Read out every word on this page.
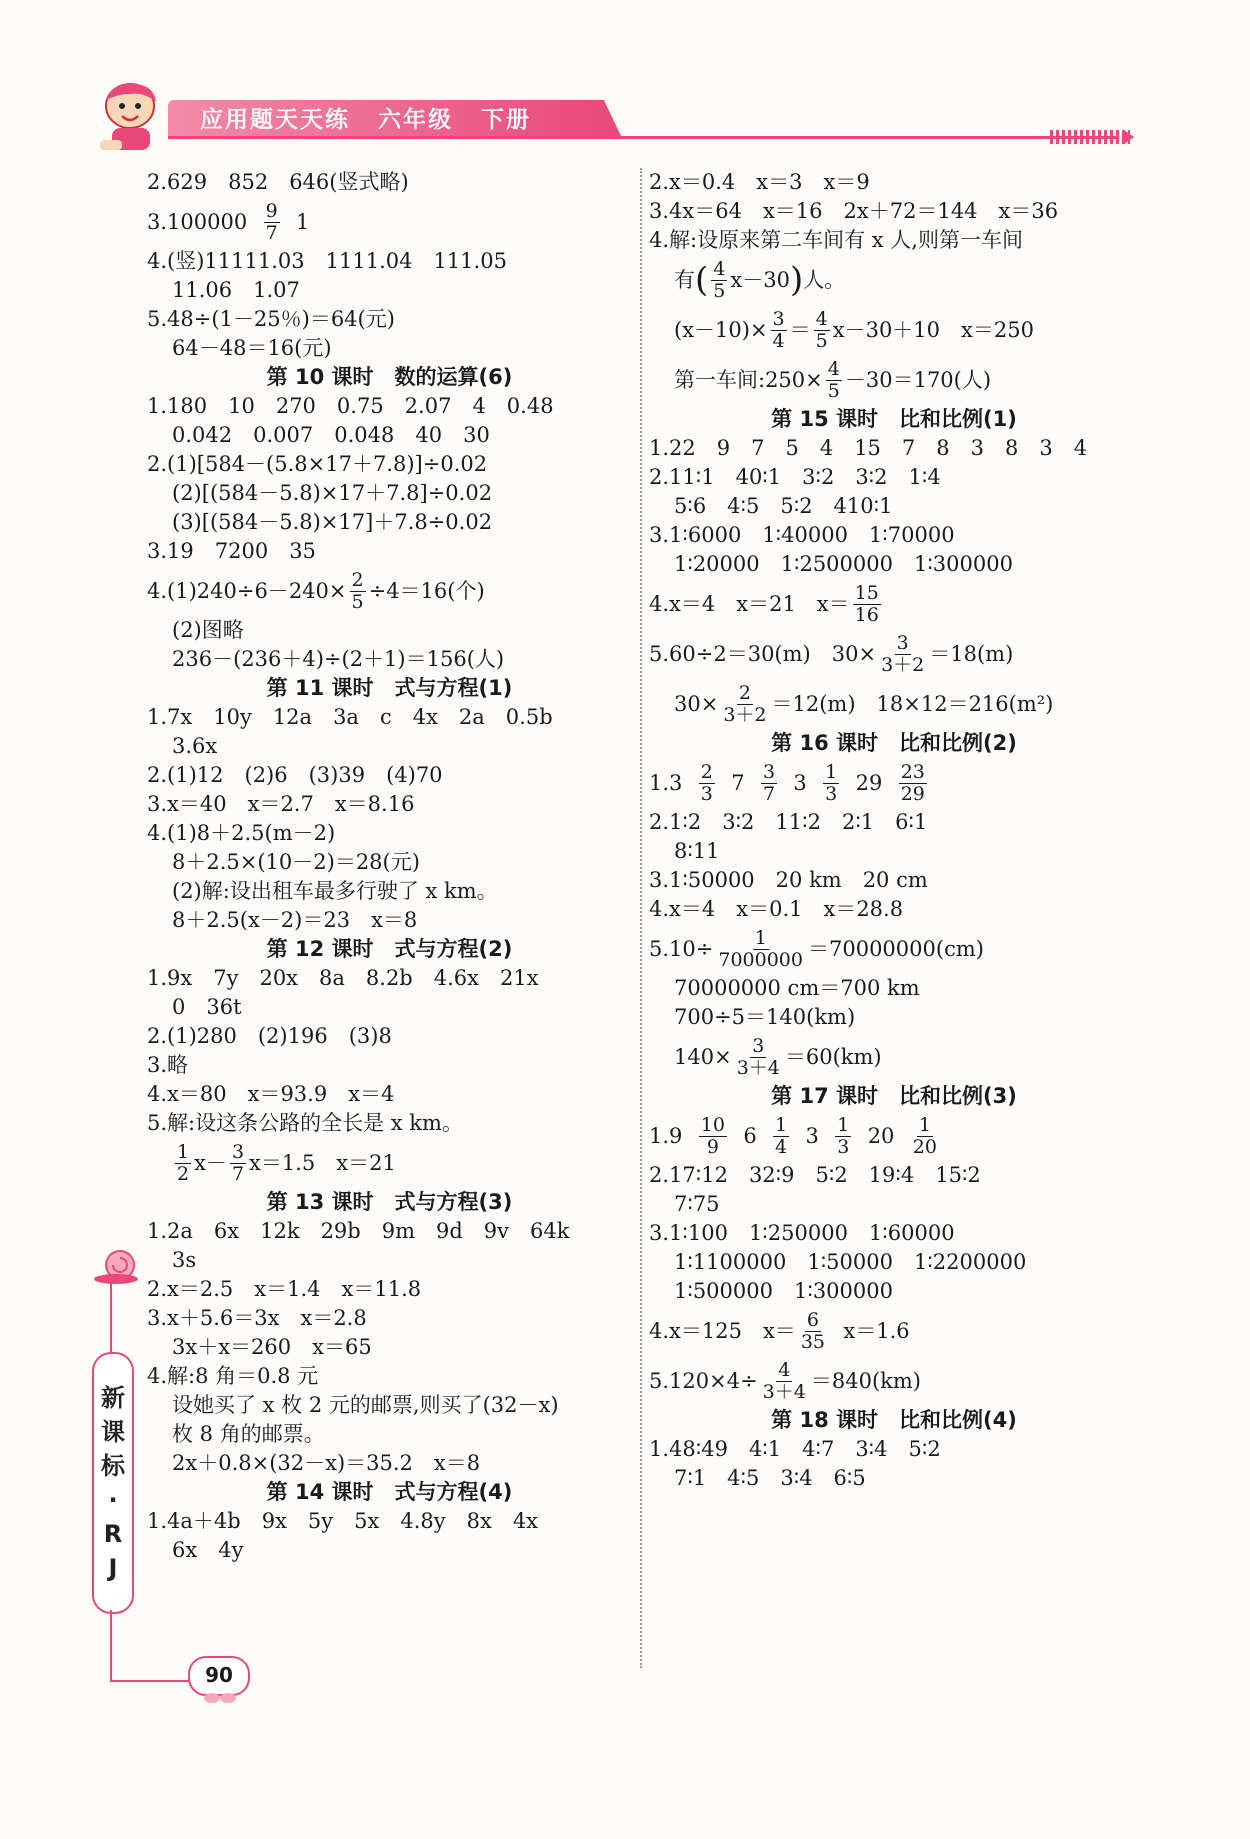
应用题天天练 六年级 下册
2.629　852　646(竖式略)
3.100000
$\frac{9}{7}$
1
4.(竖)11111.03　1111.04　111.05
11.06　1.07
5.48÷(1－25％)＝64(元)
64－48＝16(元)
第 10 课时　数的运算(6)
1.180　10　270　0.75　2.07　4　0.48
0.042　0.007　0.048　40　30
2.(1)[584－(5.8×17＋7.8)]÷0.02
(2)[(584－5.8)×17＋7.8]÷0.02
(3)[(584－5.8)×17]＋7.8÷0.02
3.19　7200　35
$4.(1)240\div 6-240\times \frac{2}{5} \div 4=16$(个)
(2)图略
236－(236＋4)÷(2＋1)＝156(人)
第 11 课时　式与方程(1)
1.7x　10y　12a　3a　c　4x　2a　0.5b
3.6x
2.(1)12　(2)6　(3)39　(4)70
3.x＝40　x＝2.7　x＝8.16
4.(1)8＋2.5(m－2)
8＋2.5×(10－2)＝28(元)
(2)解:设出租车最多行驶了 x km。
8＋2.5(x－2)＝23　x＝8
第 12 课时　式与方程(2)
1.9x　7y　20x　8a　8.2b　4.6x　21x
0　36t
2.(1)280　(2)196　(3)8
3.略
4.x＝80　x＝93.9　x＝4
5.解:设这条公路的全长是 x km。
$\frac{1}{2} x- \frac{3}{7} x=1.5$　x＝21
第 13 课时　式与方程(3)
1.2a　6x　12k　29b　9m　9d　9v　64k
3s
2.x＝2.5　x＝1.4　x＝11.8
3.x＋5.6＝3x　x＝2.8
3x＋x＝260　x＝65
4.解:8 角＝0.8 元
设她买了 x 枚 2 元的邮票,则买了(32－x)
枚 8 角的邮票。
2x＋0.8×(32－x)＝35.2　x＝8
第 14 课时　式与方程(4)
1.4a＋4b　9x　5y　5x　4.8y　8x　4x
6x　4y
2.x＝0.4　x＝3　x＝9
3.4x＝64　x＝16　2x＋72＝144　x＝36
4.解:设原来第二车间有 x 人,则第一车间
有 ( $\frac{4}{5} x-30$ ) 人。
$(x-10)\times \frac{3}{4} = \frac{4}{5} x-30+10$　x＝250
第一车间:250× $\frac{4}{5} -30=170$(人)
第 15 课时　比和比例(1)
1.22　9　7　5　4　15　7　8　3　8　3　4
2.11∶1　40∶1　3∶2　3∶2　1∶4
5∶6　4∶5　5∶2　410∶1
3.1∶6000　1∶40000　1∶70000
1∶20000　1∶2500000　1∶300000
4.x＝4　x＝21　$x= \frac{15}{16}$
5.60÷2＝30(m)　$30\times \frac{3}{3+2} =18(m)$
$30\times \frac{2}{3+2} =12(m)$　18×12＝216(m²)
第 16 课时　比和比例(2)
1.3
$\frac{2}{3}$
7
$\frac{3}{7}$
3
$\frac{1}{3}$
29
$\frac{23}{29}$
2.1∶2　3∶2　11∶2　2∶1　6∶1
8∶11
3.1∶50000　20 km　20 cm
4.x＝4　x＝0.1　x＝28.8
$5.10\div \frac{1}{7000000} =70000000(cm)$
70000000 cm＝700 km
700÷5＝140(km)
$140\times \frac{3}{3+4} =60(km)$
第 17 课时　比和比例(3)
1.9
$\frac{10}{9}$
6
$\frac{1}{4}$
3
$\frac{1}{3}$
20
$\frac{1}{20}$
2.17∶12　32∶9　5∶2　19∶4　15∶2
7∶75
3.1∶100　1∶250000　1∶60000
1∶1100000　1∶50000　1∶2200000
1∶500000　1∶300000
4.x＝125　$x= \frac{6}{35}$
x＝1.6
$5.120\times 4\div \frac{4}{3+4} =840(km)$
第 18 课时　比和比例(4)
1.48∶49　4∶1　4∶7　3∶4　5∶2
7∶1　4∶5　3∶4　6∶5
新
课
标
·
R
J
90
